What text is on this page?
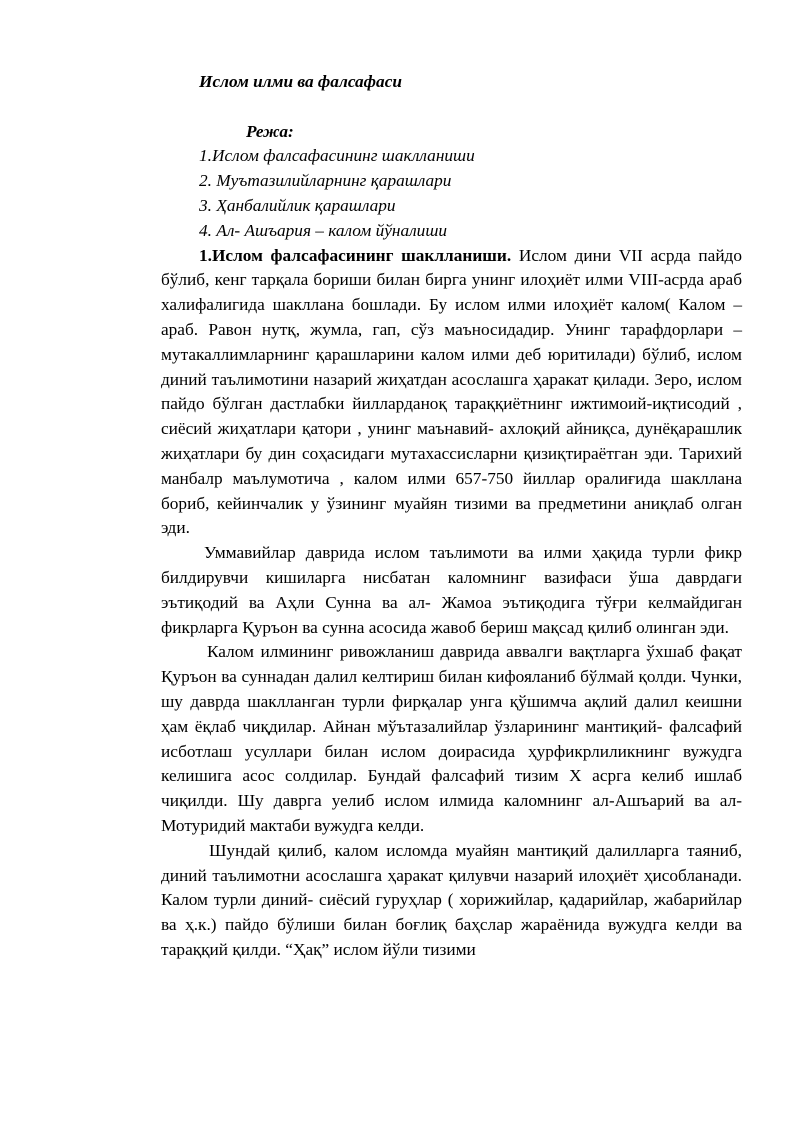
Ислом илми ва фалсафаси
Режа:
1.Ислом фалсафасининг шаклланиши
2. Муътазилийларнинг қарашлари
3. Ҳанбалийлик қарашлари
4. Ал- Ашъария – калом йўналиши

1.Ислом фалсафасининг шаклланиши. Ислом дини VII асрда пайдо бўлиб, кенг тарқала бориши билан бирга унинг илоҳиёт илми VIII-асрда араб халифалигида шакллана бошлади. Бу ислом илми илоҳиёт калом( Калом –араб. Равон нутқ, жумла, гап, сўз маъносидадир. Унинг тарафдорлари – мутакаллимларнинг қарашларини калом илми деб юритилади) бўлиб, ислом диний таълимотини назарий жиҳатдан асослашга ҳаракат қилади. Зеро, ислом пайдо бўлган дастлабки йилларданоқ тараққиётнинг ижтимоий-иқтисодий , сиёсий жиҳатлари қатори , унинг маънавий- ахлоқий айниқса, дунёқарашлик жиҳатлари бу дин соҳасидаги мутахассисларни қизиқтираётган эди. Тарихий манбалр маълумотича , калом илми 657-750 йиллар оралиғида шакллана бориб, кейинчалик у ўзининг муайян тизими ва предметини аниқлаб олган эди.

Уммавийлар даврида ислом таълимоти ва илми ҳақида турли фикр билдирувчи кишиларга нисбатан каломнинг вазифаси ўша даврдаги эътиқодий ва Аҳли Сунна ва ал- Жамоа эътиқодига тўғри келмайдиган фикрларга Қуръон ва сунна асосида жавоб бериш мақсад қилиб олинган эди.

Калом илмининг ривожланиш даврида аввалги вақтларга ўхшаб фақат Қуръон ва суннадан далил келтириш билан кифояланиб бўлмай қолди. Чунки, шу даврда шаклланган турли фирқалар унга қўшимча ақлий далил кеишни ҳам ёқлаб чиқдилар. Айнан мўътазалийлар ўзларининг мантиқий- фалсафий исботлаш усуллари билан ислом доирасида ҳурфикрлиликнинг вужудга келишига асос солдилар. Бундай фалсафий тизим Х асрга келиб ишлаб чиқилди. Шу даврга уелиб ислом илмида каломнинг ал-Ашъарий ва ал- Мотуридий мактаби вужудга келди.

Шундай қилиб, калом исломда муайян мантиқий далилларга таяниб, диний таълимотни асослашга ҳаракат қилувчи назарий илоҳиёт ҳисобланади. Калом турли диний- сиёсий гуруҳлар ( хорижийлар, қадарийлар, жабарийлар ва ҳ.к.) пайдо бўлиши билан боғлиқ баҳслар жараёнида вужудга келди ва тараққий қилди. “Ҳақ” ислом йўли тизими
